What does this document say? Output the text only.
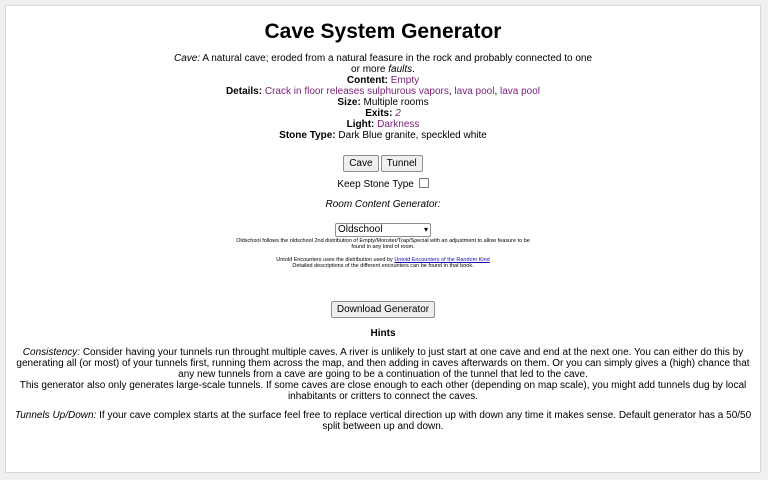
Cave System Generator
Cave: A natural cave; eroded from a natural feasure in the rock and probably connected to one or more faults.
Content: Empty
Details: Crack in floor releases sulphurous vapors, lava pool, lava pool
Size: Multiple rooms
Exits: 2
Light: Darkness
Stone Type: Dark Blue granite, speckled white
Cave Tunnel
Keep Stone Type
Room Content Generator:
Oldschool	▾
Oldschool follows the oldschool 2nd distribution of Empty/Monster/Trap/Special with an adjustment to allow feasure to be found in any kind of room.
Untold Encounters uses the distribution used by Untold Encounters of the Random Kind
Detailed descriptions of the different encounters can be found in that book.
Download Generator
Hints
Consistency: Consider having your tunnels run throught multiple caves. A river is unlikely to just start at one cave and end at the next one. You can either do this by generating all (or most) of your tunnels first, running them across the map, and then adding in caves afterwards on them. Or you can simply gives a (high) chance that any new tunnels from a cave are going to be a continuation of the tunnel that led to the cave.
This generator also only generates large-scale tunnels. If some caves are close enough to each other (depending on map scale), you might add tunnels dug by local inhabitants or critters to connect the caves.
Tunnels Up/Down: If your cave complex starts at the surface feel free to replace vertical direction up with down any time it makes sense. Default generator has a 50/50 split between up and down.
